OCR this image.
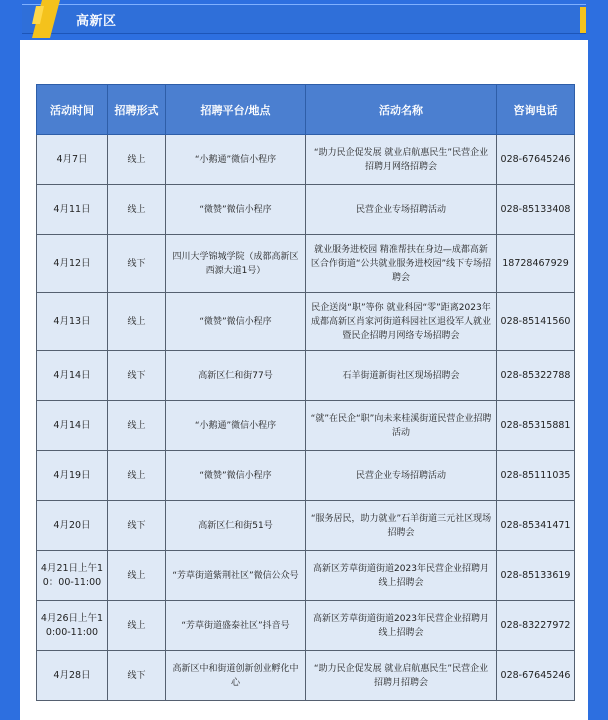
高新区
活动时间	招聘形式	招聘平台/地点	活动名称	咨询电话
4月7日	线上	“小鹅通”微信小程序	“助力民企促发展 就业启航惠民生”民营企业招聘月网络招聘会	028-67645246
4月11日	线上	“微赞”微信小程序	民营企业专场招聘活动	028-85133408
4月12日	线下	四川大学锦城学院（成都高新区西源大道1号）	就业服务进校园 精准帮扶在身边—成都高新区合作街道“公共就业服务进校园”线下专场招聘会	18728467929
4月13日	线上	“微赞”微信小程序	民企送岗“职”等你 就业科园“零”距离2023年成都高新区肖家河街道科园社区退役军人就业暨民企招聘月网络专场招聘会	028-85141560
4月14日	线下	高新区仁和街77号	石羊街道新街社区现场招聘会	028-85322788
4月14日	线上	“小鹅通”微信小程序	“就”在民企“职”向未来桂溪街道民营企业招聘活动	028-85315881
4月19日	线上	“微赞”微信小程序	民营企业专场招聘活动	028-85111035
4月20日	线下	高新区仁和街51号	“服务居民，助力就业”石羊街道三元社区现场招聘会	028-85341471
4月21日上午10：00-11:00	线上	“芳草街道紫荆社区”微信公众号	高新区芳草街道街道2023年民营企业招聘月线上招聘会	028-85133619
4月26日上午10:00-11:00	线上	“芳草街道盛泰社区”抖音号	高新区芳草街道街道2023年民营企业招聘月线上招聘会	028-83227972
4月28日	线下	高新区中和街道创新创业孵化中心	“助力民企促发展 就业启航惠民生”民营企业招聘月招聘会	028-67645246
